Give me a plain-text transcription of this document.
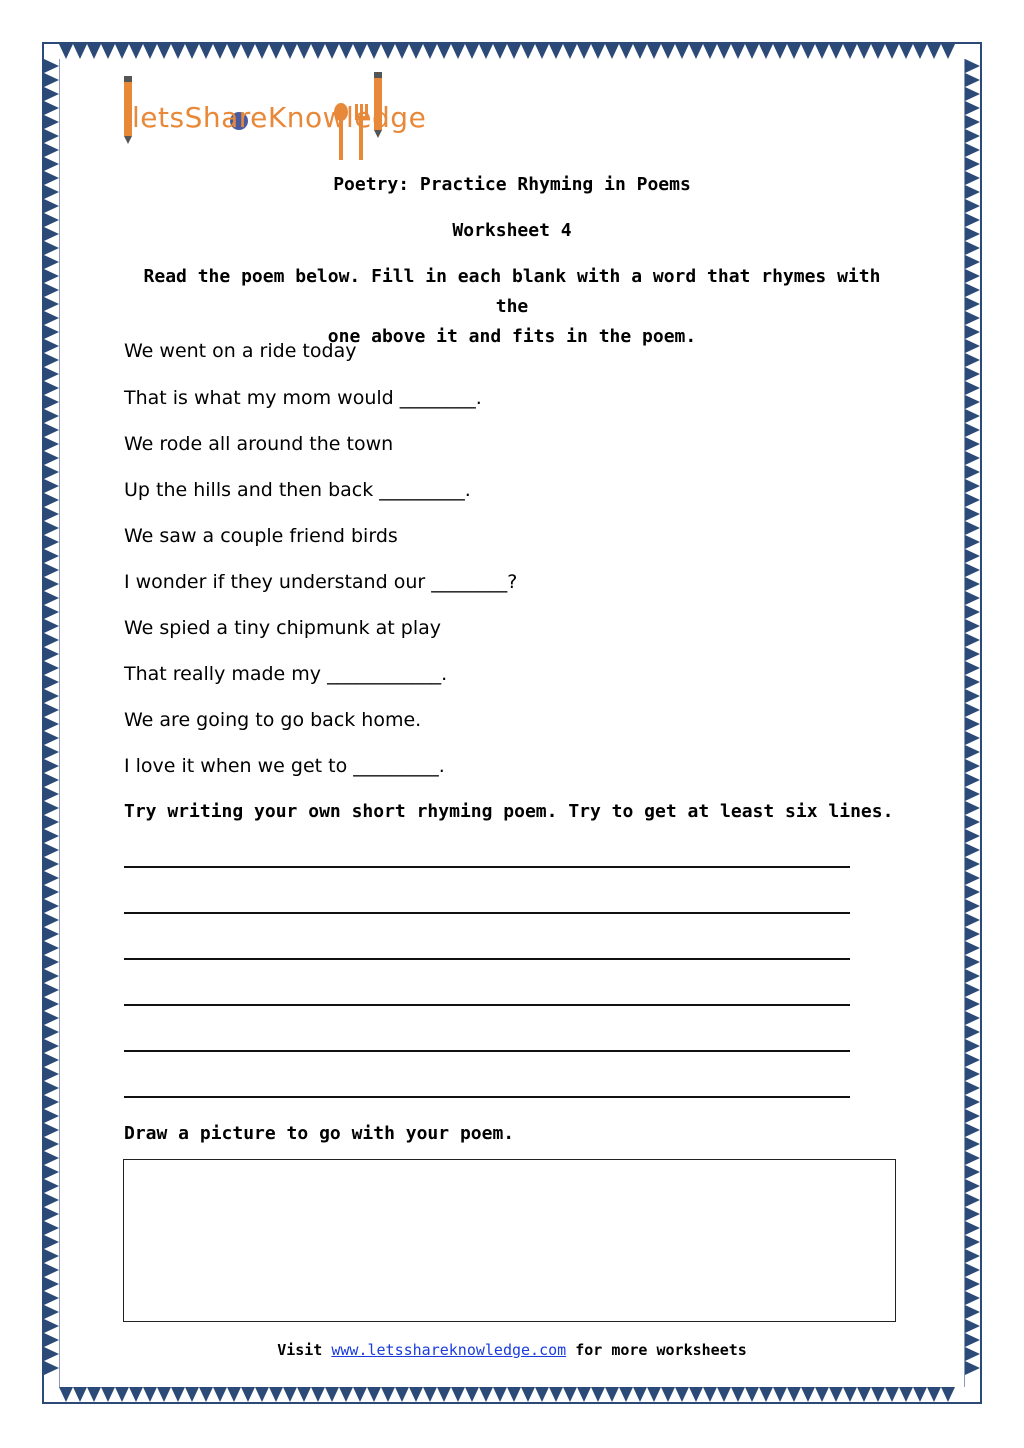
letsShareKnowledge
Poetry: Practice Rhyming in Poems
Worksheet 4
Read the poem below. Fill in each blank with a word that rhymes with the
one above it and fits in the poem.
We went on a ride today
That is what my mom would ________.
We rode all around the town
Up the hills and then back _________.
We saw a couple friend birds
I wonder if they understand our ________?
We spied a tiny chipmunk at play
That really made my ____________.
We are going to go back home.
I love it when we get to _________.
Try writing your own short rhyming poem. Try to get at least six lines.
Draw a picture to go with your poem.
Visit www.letsshareknowledge.com for more worksheets
